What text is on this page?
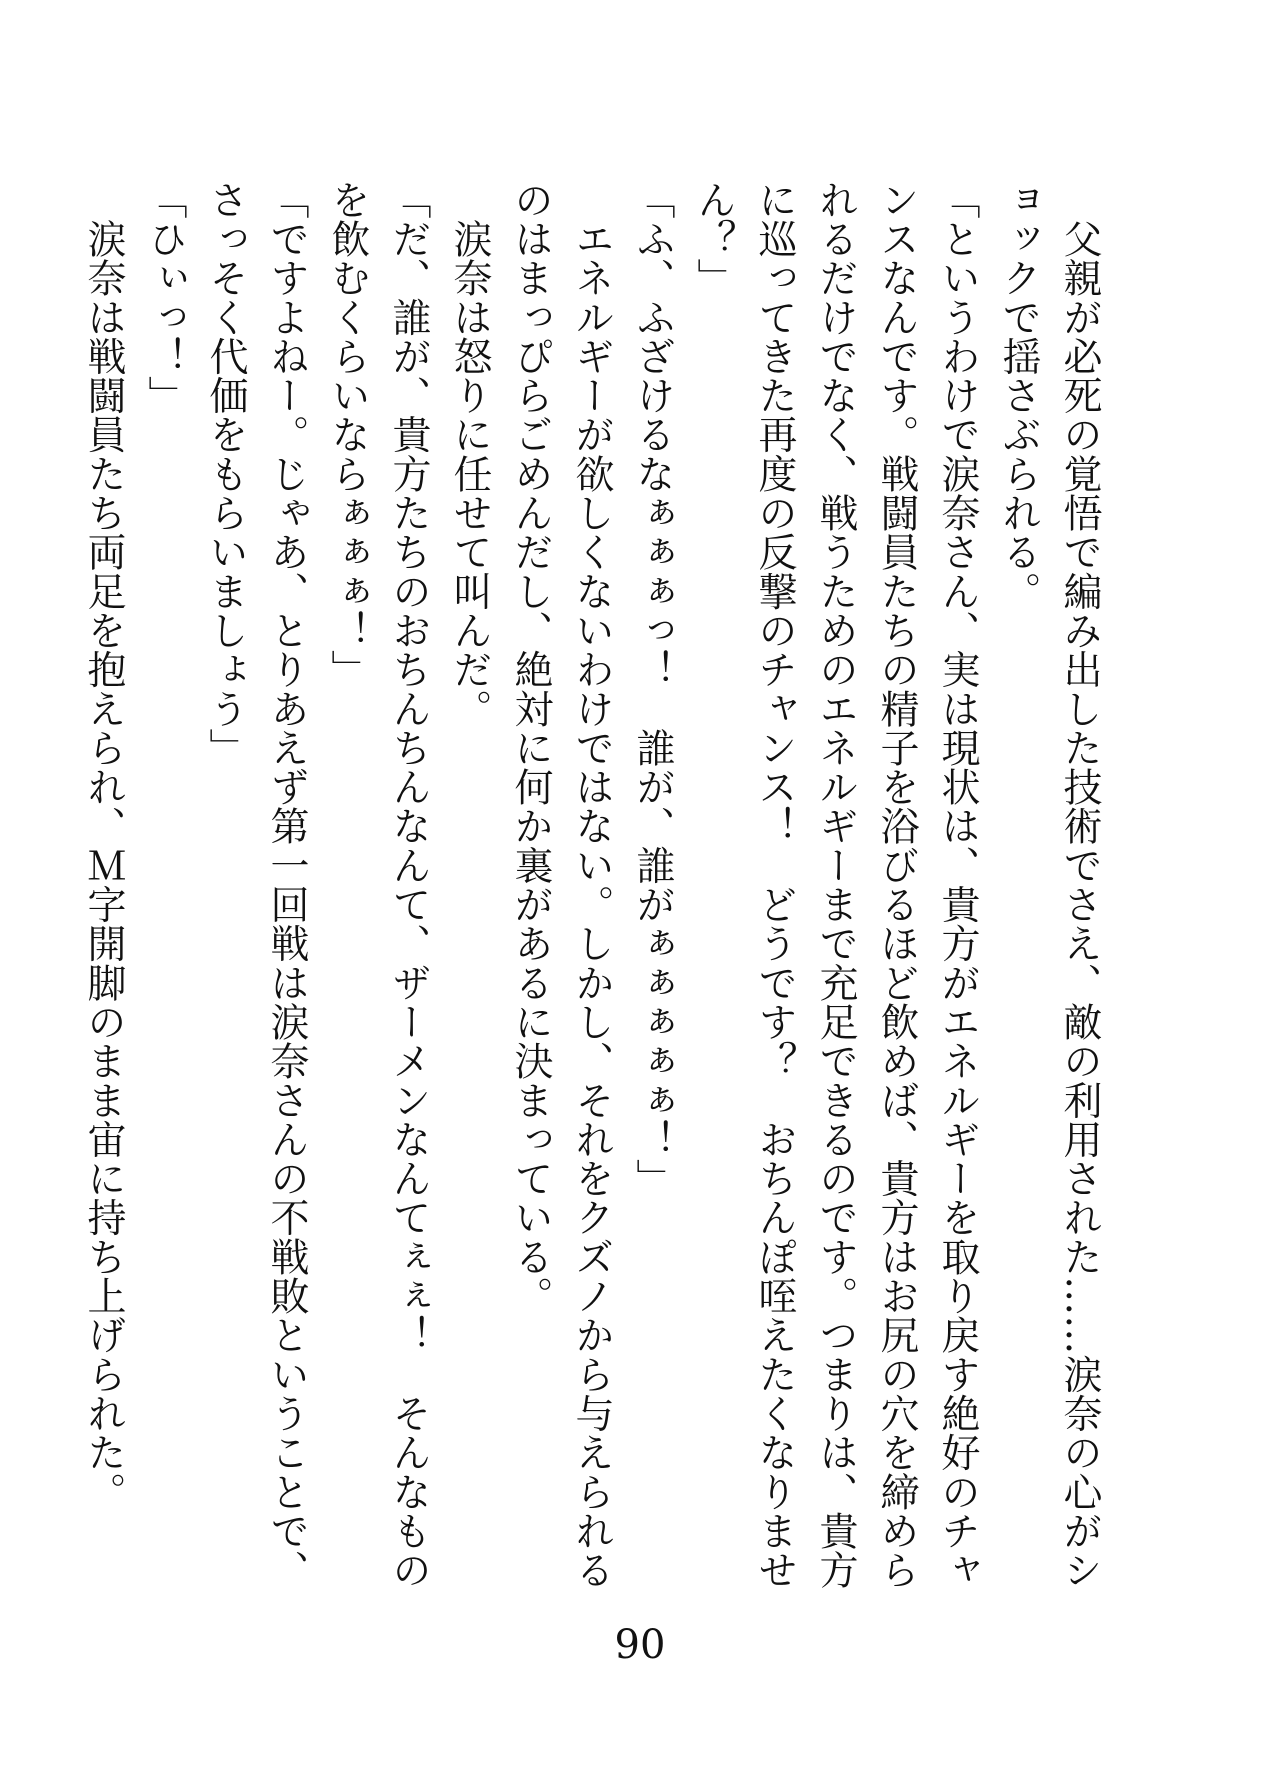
　父親が必死の覚悟で編み出した技術でさえ、敵の利用された……涙奈の心がショックで揺さぶられる。

「というわけで涙奈さん、実は現状は、貴方がエネルギーを取り戻す絶好のチャンスなんです。戦闘員たちの精子を浴びるほど飲めば、貴方はお尻の穴を締められるだけでなく、戦うためのエネルギーまで充足できるのです。つまりは、貴方に巡ってきた再度の反撃のチャンス！　どうです？　おちんぽ咥えたくなりません？」

「ふ、ふざけるなぁぁぁっ！　誰が、誰がぁぁぁぁぁ！」

　エネルギーが欲しくないわけではない。しかし、それをクズノから与えられるのはまっぴらごめんだし、絶対に何か裏があるに決まっている。

　涙奈は怒りに任せて叫んだ。

「だ、誰が、貴方たちのおちんちんなんて、ザーメンなんてぇぇ！　そんなものを飲むくらいならぁぁぁ！」

「ですよねー。じゃあ、とりあえず第一回戦は涙奈さんの不戦敗ということで、さっそく代価をもらいましょう」

「ひぃっ！」

　涙奈は戦闘員たち両足を抱えられ、Ｍ字開脚のまま宙に持ち上げられた。

90
